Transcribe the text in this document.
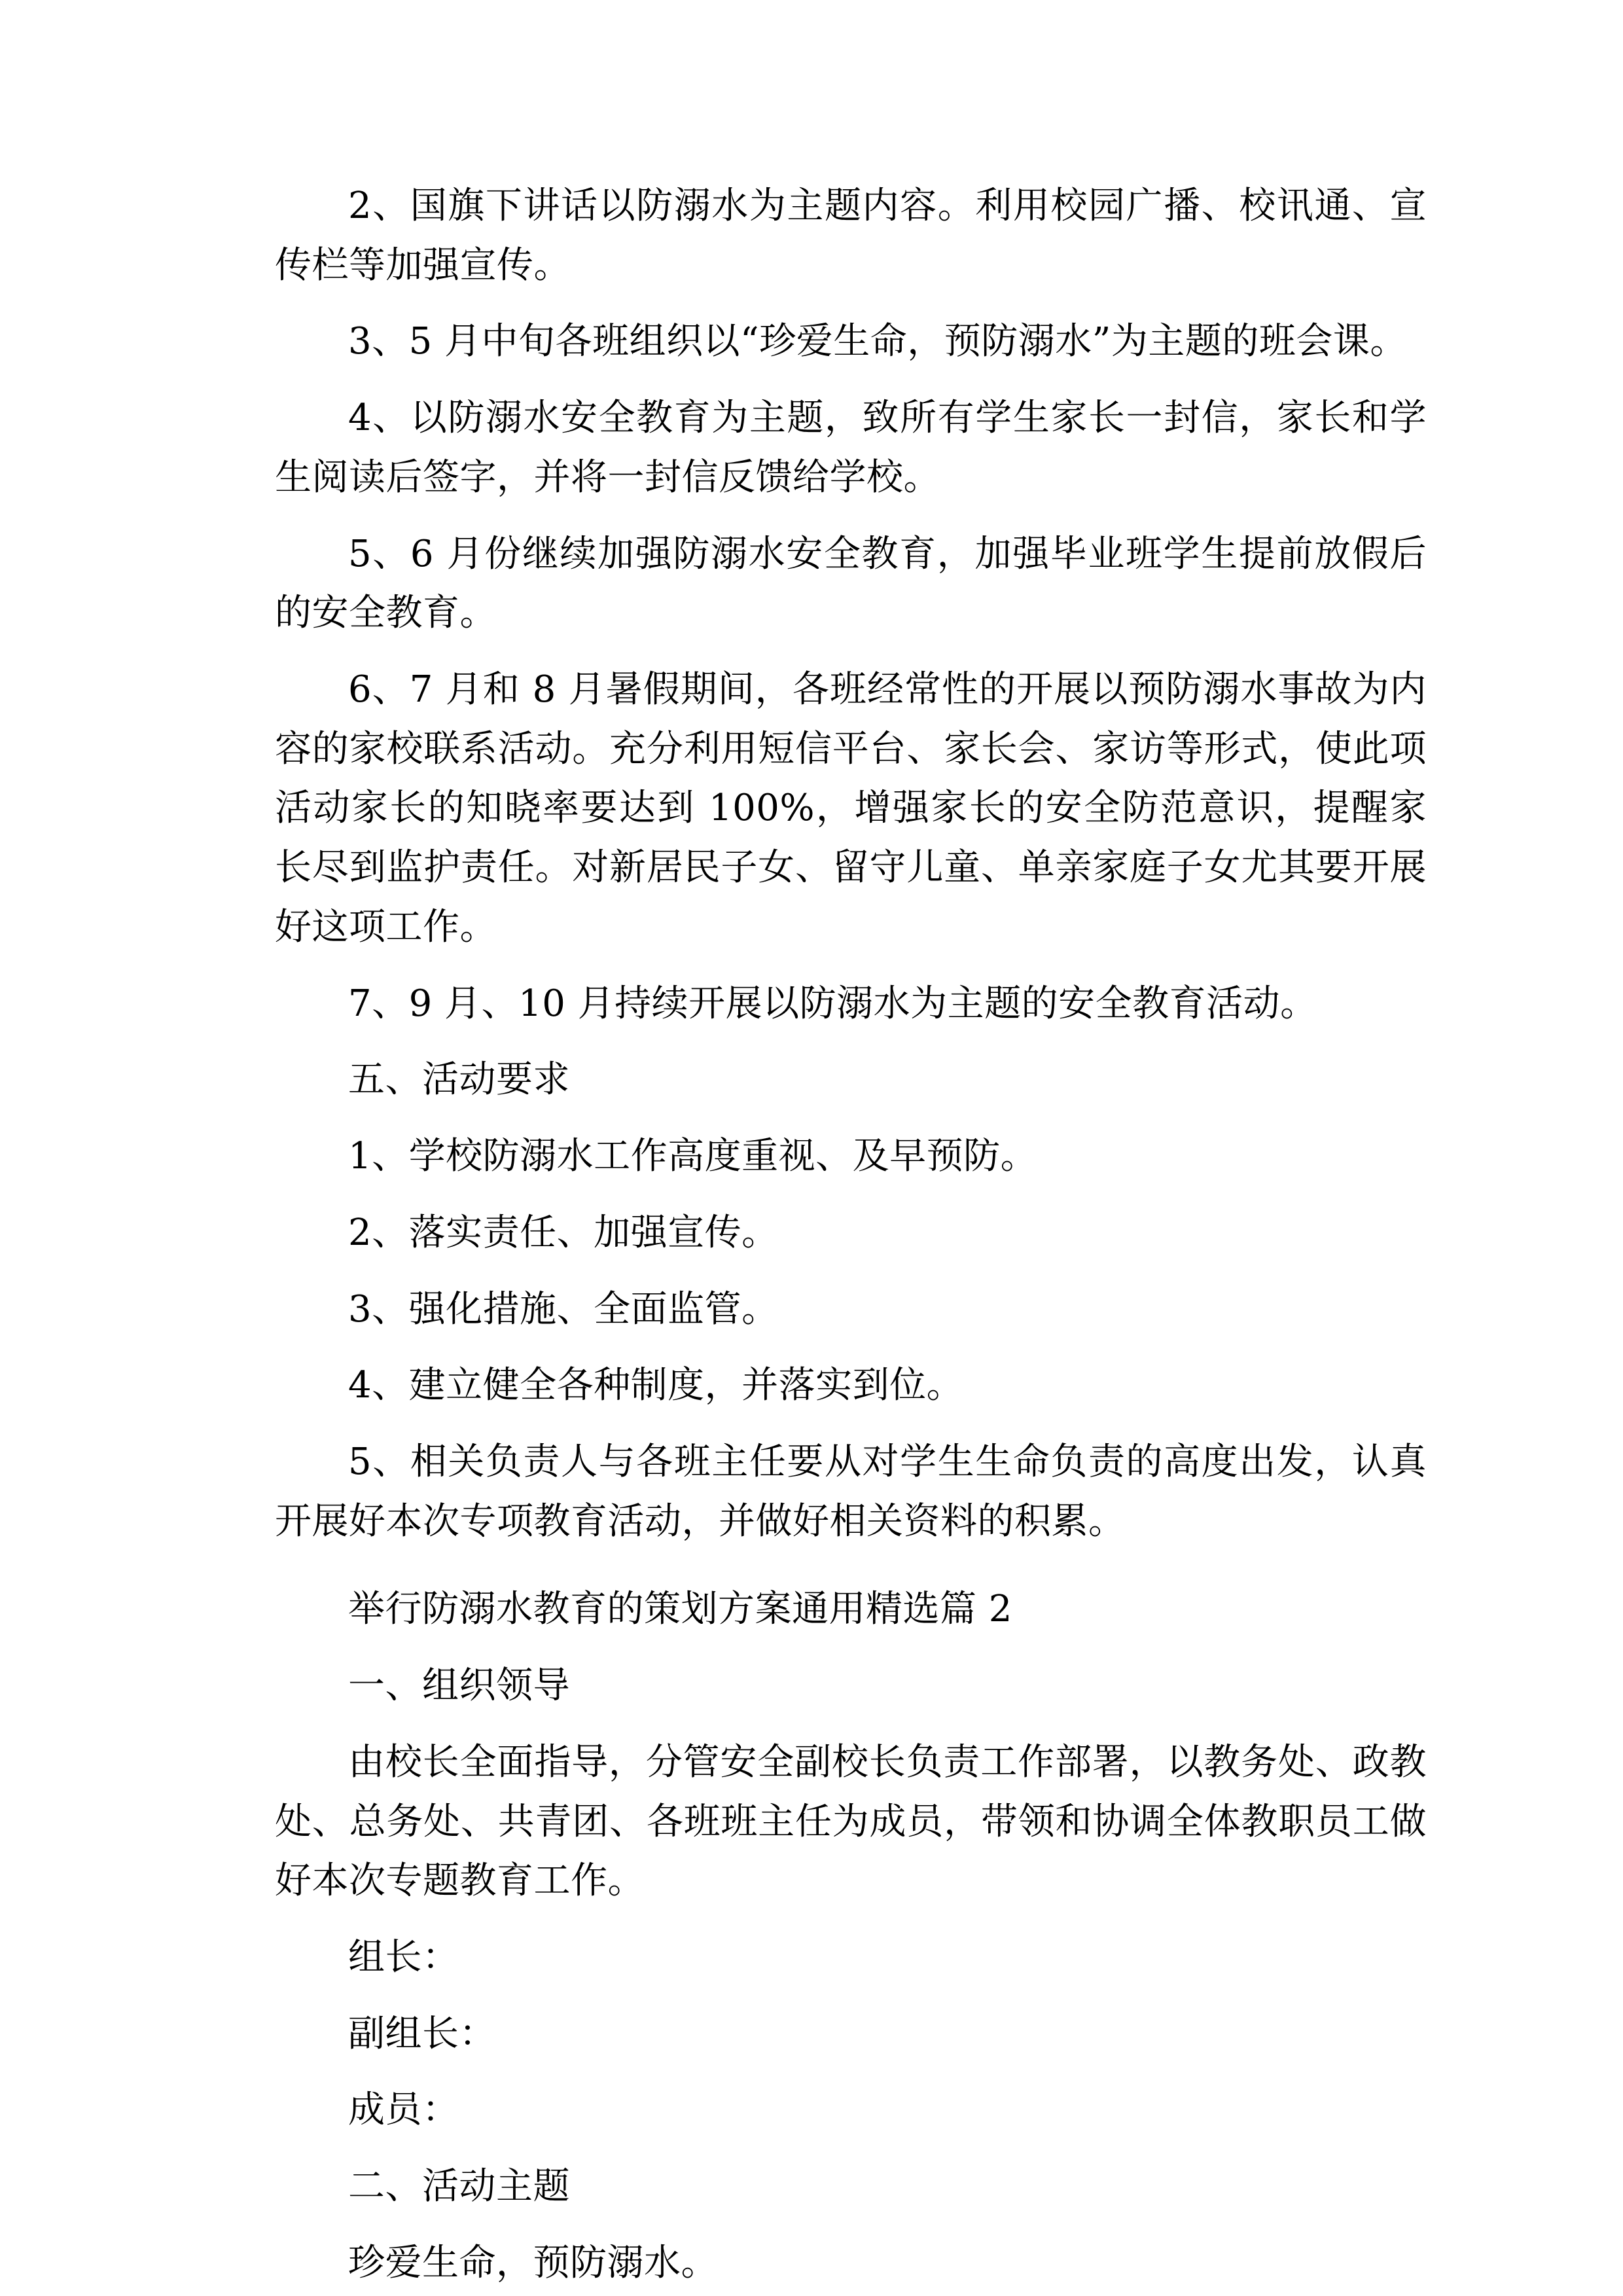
2、国旗下讲话以防溺水为主题内容。利用校园广播、校讯通、宣传栏等加强宣传。

3、5 月中旬各班组织以“珍爱生命，预防溺水”为主题的班会课。

4、以防溺水安全教育为主题，致所有学生家长一封信，家长和学生阅读后签字，并将一封信反馈给学校。

5、6 月份继续加强防溺水安全教育，加强毕业班学生提前放假后的安全教育。

6、7 月和 8 月暑假期间，各班经常性的开展以预防溺水事故为内容的家校联系活动。充分利用短信平台、家长会、家访等形式，使此项活动家长的知晓率要达到 100%，增强家长的安全防范意识，提醒家长尽到监护责任。对新居民子女、留守儿童、单亲家庭子女尤其要开展好这项工作。

7、9 月、10 月持续开展以防溺水为主题的安全教育活动。

五、活动要求

1、学校防溺水工作高度重视、及早预防。

2、落实责任、加强宣传。

3、强化措施、全面监管。

4、建立健全各种制度，并落实到位。

5、相关负责人与各班主任要从对学生生命负责的高度出发，认真开展好本次专项教育活动，并做好相关资料的积累。

举行防溺水教育的策划方案通用精选篇 2

一、组织领导

由校长全面指导，分管安全副校长负责工作部署，以教务处、政教处、总务处、共青团、各班班主任为成员，带领和协调全体教职员工做好本次专题教育工作。

组长：

副组长：

成员：

二、活动主题

珍爱生命，预防溺水。
